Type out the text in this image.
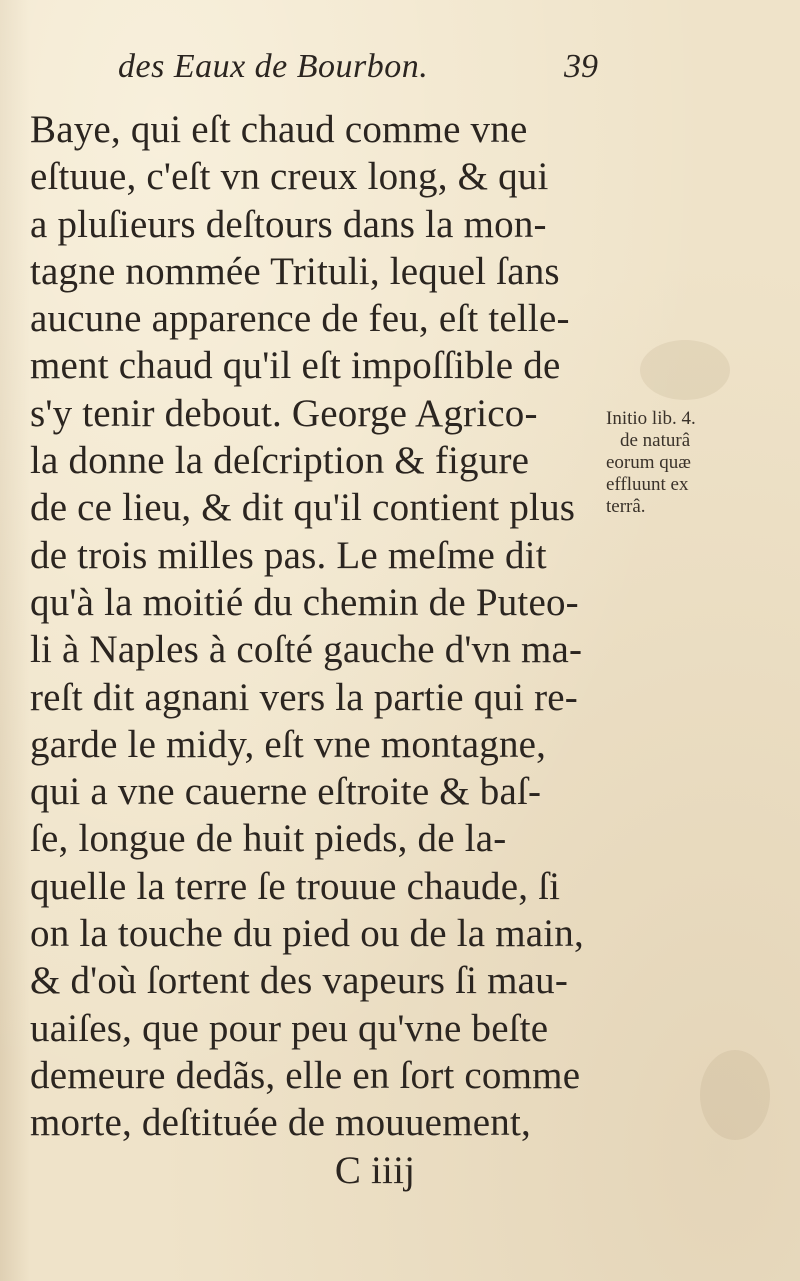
des Eaux de Bourbon.	39
Baye, qui eſt chaud comme vne
eſtuue, c'eſt vn creux long, & qui
a pluſieurs deſtours dans la mon-
tagne nommée Trituli, lequel ſans
aucune apparence de feu, eſt telle-
ment chaud qu'il eſt impoſſible de
s'y tenir debout. George Agrico-
la donne la deſcription & figure
de ce lieu, & dit qu'il contient plus
de trois milles pas. Le meſme dit
qu'à la moitié du chemin de Puteo-
li à Naples à coſté gauche d'vn ma-
reſt dit agnani vers la partie qui re-
garde le midy, eſt vne montagne,
qui a vne cauerne eſtroite & baſ-
ſe, longue de huit pieds, de la-
quelle la terre ſe trouue chaude, ſi
on la touche du pied ou de la main,
& d'où ſortent des vapeurs ſi mau-
uaiſes, que pour peu qu'vne beſte
demeure dedãs, elle en ſort comme
morte, deſtituée de mouuement,
C iiij
Initio lib. 4.
de naturâ
eorum quæ
effluunt ex
terrâ.
